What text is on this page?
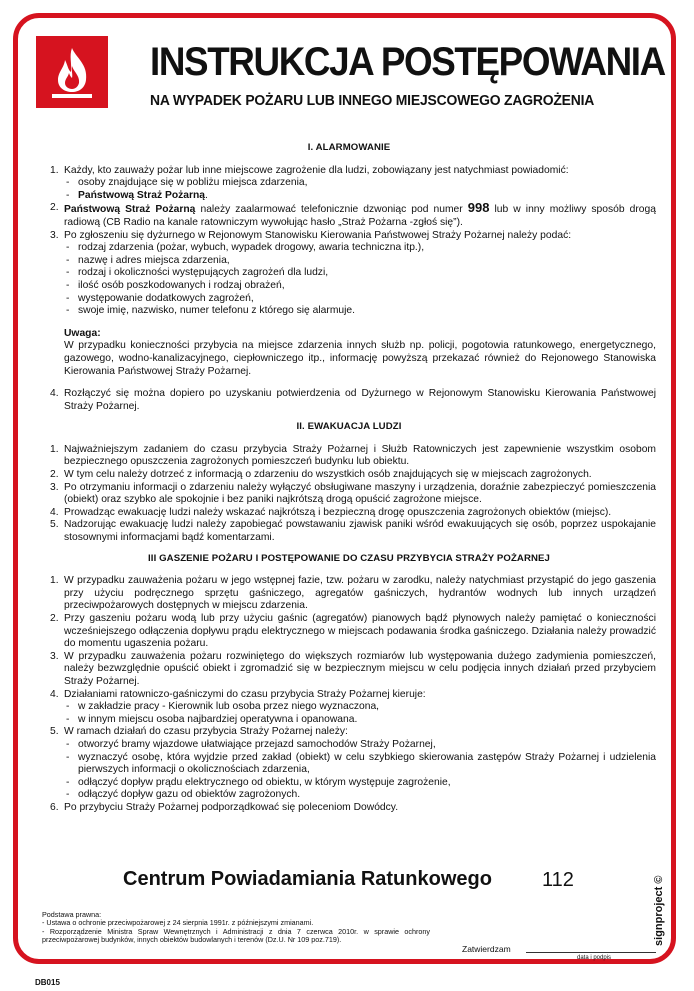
INSTRUKCJA POSTĘPOWANIA
NA WYPADEK POŻARU LUB INNEGO MIEJSCOWEGO ZAGROŻENIA
I. ALARMOWANIE
1. Każdy, kto zauważy pożar lub inne miejscowe zagrożenie dla ludzi, zobowiązany jest natychmiast powiadomić:
- osoby znajdujące się w pobliżu miejsca zdarzenia,
- Państwową Straż Pożarną.
2. Państwową Straż Pożarną należy zaalarmować telefonicznie dzwoniąc pod numer 998 lub w inny możliwy sposób drogą radiową (CB Radio na kanale ratowniczym wywołując hasło „Straż Pożarna -zgłoś się”).
3. Po zgłoszeniu się dyżurnego w Rejonowym Stanowisku Kierowania Państwowej Straży Pożarnej należy podać:
- rodzaj zdarzenia (pożar, wybuch, wypadek drogowy, awaria techniczna itp.),
- nazwę i adres miejsca zdarzenia,
- rodzaj i okoliczności występujących zagrożeń dla ludzi,
- ilość osób poszkodowanych i rodzaj obrażeń,
- występowanie dodatkowych zagrożeń,
- swoje imię, nazwisko, numer telefonu z którego się alarmuje.
Uwaga:
W przypadku konieczności przybycia na miejsce zdarzenia innych służb np. policji, pogotowia ratunkowego, energetycznego, gazowego, wodno-kanalizacyjnego, ciepłowniczego itp., informację powyższą przekazać również do Rejonowego Stanowiska Kierowania Państwowej Straży Pożarnej.
4. Rozłączyć się można dopiero po uzyskaniu potwierdzenia od Dyżurnego w Rejonowym Stanowisku Kierowania Państwowej Straży Pożarnej.
II. EWAKUACJA LUDZI
1. Najważniejszym zadaniem do czasu przybycia Straży Pożarnej i Służb Ratowniczych jest zapewnienie wszystkim osobom bezpiecznego opuszczenia zagrożonych pomieszczeń budynku lub obiektu.
2. W tym celu należy dotrzeć z informacją o zdarzeniu do wszystkich osób znajdujących się w miejscach zagrożonych.
3. Po otrzymaniu informacji o zdarzeniu należy wyłączyć obsługiwane maszyny i urządzenia, doraźnie zabezpieczyć pomieszczenia (obiekt) oraz szybko ale spokojnie i bez paniki najkrótszą drogą opuścić zagrożone miejsce.
4. Prowadząc ewakuację ludzi należy wskazać najkrótszą i bezpieczną drogę opuszczenia zagrożonych obiektów (miejsc).
5. Nadzorując ewakuację ludzi należy zapobiegać powstawaniu zjawisk paniki wśród ewakuujących się osób, poprzez uspokajanie stosownymi informacjami bądź komentarzami.
III GASZENIE POŻARU I POSTĘPOWANIE DO CZASU PRZYBYCIA STRAŻY POŻARNEJ
1. W przypadku zauważenia pożaru w jego wstępnej fazie, tzw. pożaru w zarodku, należy natychmiast przystąpić do jego gaszenia przy użyciu podręcznego sprzętu gaśniczego, agregatów gaśniczych, hydrantów wodnych lub innych urządzeń przeciwpożarowych dostępnych w miejscu zdarzenia.
2. Przy gaszeniu pożaru wodą lub przy użyciu gaśnic (agregatów) pianowych bądź płynowych należy pamiętać o konieczności wcześniejszego odłączenia dopływu prądu elektrycznego w miejscach podawania środka gaśniczego. Działania należy prowadzić do momentu ugaszenia pożaru.
3. W przypadku zauważenia pożaru rozwiniętego do większych rozmiarów lub występowania dużego zadymienia pomieszczeń, należy bezwzględnie opuścić obiekt i zgromadzić się w bezpiecznym miejscu w celu podjęcia innych działań przed przybyciem Straży Pożarnej.
4. Działaniami ratowniczo-gaśniczymi do czasu przybycia Straży Pożarnej kieruje:
- w zakładzie pracy - Kierownik lub osoba przez niego wyznaczona,
- w innym miejscu osoba najbardziej operatywna i opanowana.
5. W ramach działań do czasu przybycia Straży Pożarnej należy:
- otworzyć bramy wjazdowe ułatwiające przejazd samochodów Straży Pożarnej,
- wyznaczyć osobę, która wyjdzie przed zakład (obiekt) w celu szybkiego skierowania zastępów Straży Pożarnej i udzielenia pierwszych informacji o okolicznościach zdarzenia,
- odłączyć dopływ prądu elektrycznego od obiektu, w którym występuje zagrożenie,
- odłączyć dopływ gazu od obiektów zagrożonych.
6. Po przybyciu Straży Pożarnej podporządkować się poleceniom Dowódcy.
Centrum Powiadamiania Ratunkowego	112
Podstawa prawna:
- Ustawa o ochronie przeciwpożarowej z 24 sierpnia 1991r. z późniejszymi zmianami.
- Rozporządzenie Ministra Spraw Wewnętrznych i Administracji z dnia 7 czerwca 2010r. w sprawie ochrony przeciwpożarowej budynków, innych obiektów budowlanych i terenów (Dz.U. Nr 109 poz.719).
Zatwierdzam
data i podpis
signproject ©
DB015
